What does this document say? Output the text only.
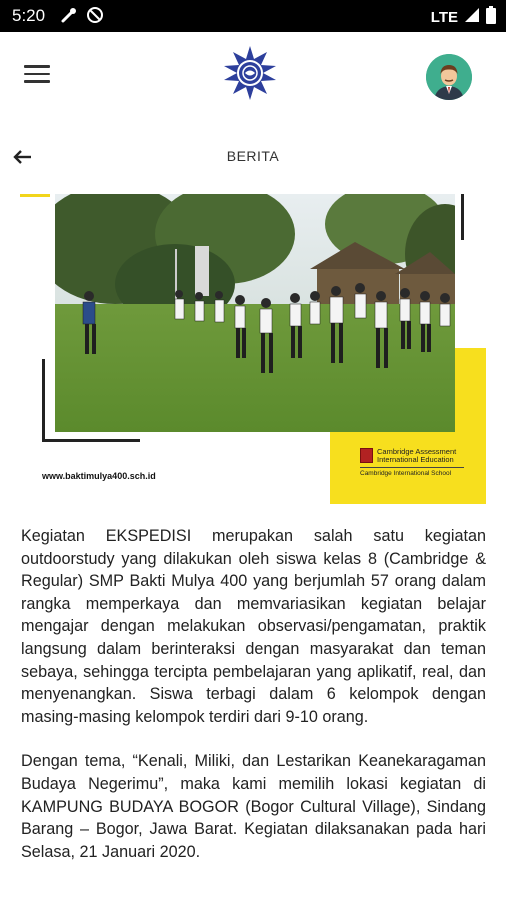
5:20	LTE
BERITA
www.baktimulya400.sch.id
Cambridge Assessment
International Education
Cambridge International School

Kegiatan EKSPEDISI merupakan salah satu kegiatan outdoorstudy yang dilakukan oleh siswa kelas 8 (Cambridge & Regular) SMP Bakti Mulya 400 yang berjumlah 57 orang dalam rangka memperkaya dan memvariasikan kegiatan belajar mengajar dengan melakukan observasi/pengamatan, praktik langsung dalam berinteraksi dengan masyarakat dan teman sebaya, sehingga tercipta pembelajaran yang aplikatif, real, dan menyenangkan. Siswa terbagi dalam 6 kelompok dengan masing-masing kelompok terdiri dari 9-10 orang.

Dengan tema, “Kenali, Miliki, dan Lestarikan Keanekaragaman Budaya Negerimu”, maka kami memilih lokasi kegiatan di KAMPUNG BUDAYA BOGOR (Bogor Cultural Village), Sindang Barang – Bogor, Jawa Barat. Kegiatan dilaksanakan pada hari Selasa, 21 Januari 2020.
